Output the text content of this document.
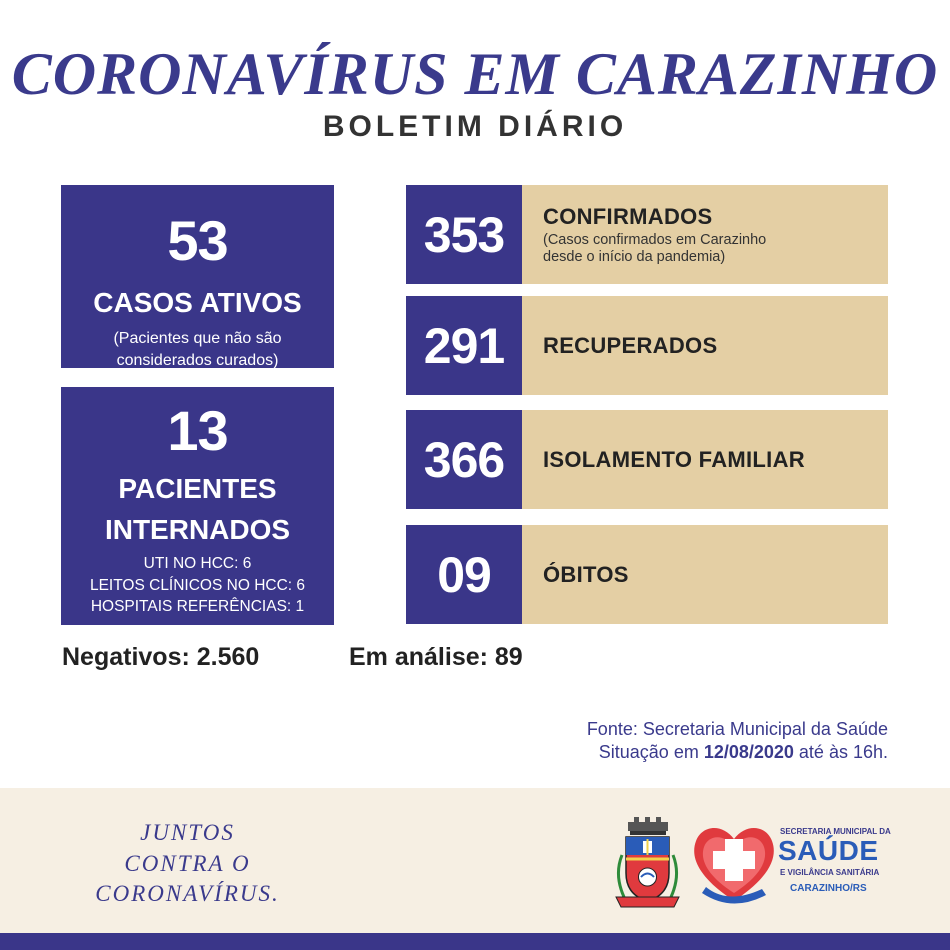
CORONAVÍRUS EM CARAZINHO
BOLETIM DIÁRIO
53
CASOS ATIVOS
(Pacientes que não são
considerados curados)
13
PACIENTES
INTERNADOS
UTI NO HCC: 6
LEITOS CLÍNICOS NO HCC: 6
HOSPITAIS REFERÊNCIAS: 1
353	CONFIRMADOS
(Casos confirmados em Carazinho
desde o início da pandemia)
291	RECUPERADOS
366	ISOLAMENTO FAMILIAR
09	ÓBITOS
Negativos: 2.560	Em análise: 89
Fonte: Secretaria Municipal da Saúde
Situação em 12/08/2020 até às 16h.
JUNTOS
CONTRA O
CORONAVÍRUS.
SECRETARIA MUNICIPAL DA
SAÚDE
E VIGILÂNCIA SANITÁRIA
CARAZINHO/RS
